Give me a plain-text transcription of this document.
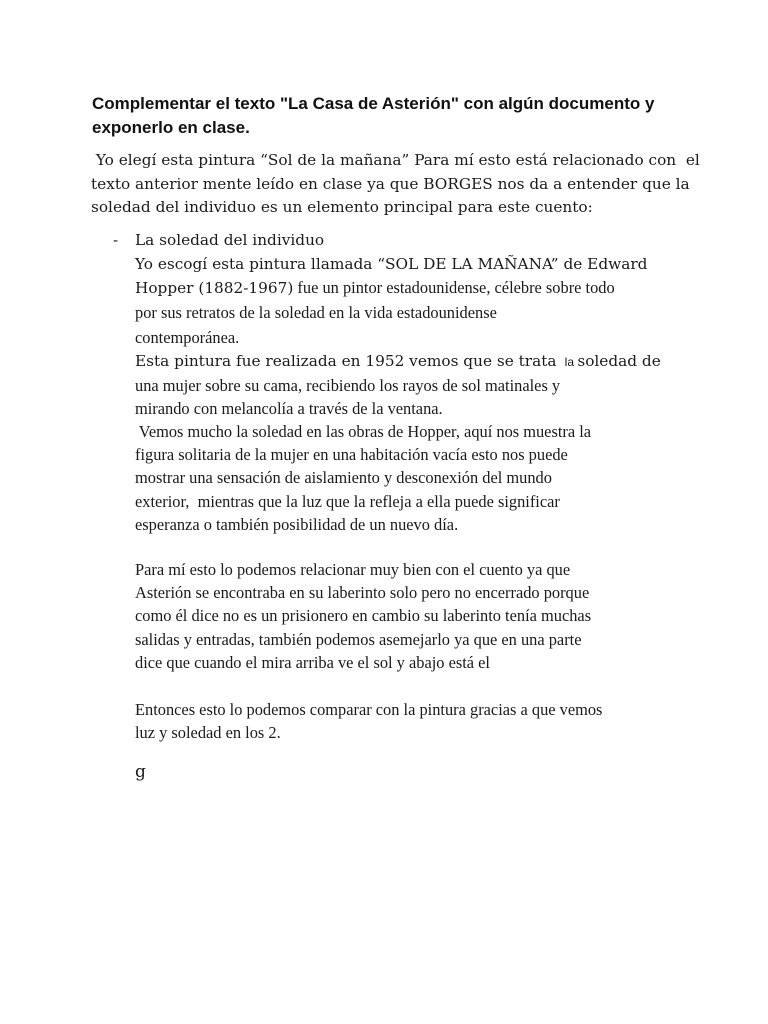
Complementar el texto "La Casa de Asterión" con algún documento y
exponerlo en clase.
Yo elegí esta pintura “Sol de la mañana” Para mí esto está relacionado con  el
texto anterior mente leído en clase ya que BORGES nos da a entender que la
soledad del individuo es un elemento principal para este cuento:
- La soledad del individuo
Yo escogí esta pintura llamada “SOL DE LA MAÑANA” de Edward
Hopper (1882-1967) fue un pintor estadounidense, célebre sobre todo
por sus retratos de la soledad en la vida estadounidense
contemporánea.
Esta pintura fue realizada en 1952 vemos que se trata  la soledad de
una mujer sobre su cama, recibiendo los rayos de sol matinales y
mirando con melancolía a través de la ventana.
Vemos mucho la soledad en las obras de Hopper, aquí nos muestra la
figura solitaria de la mujer en una habitación vacía esto nos puede
mostrar una sensación de aislamiento y desconexión del mundo
exterior,  mientras que la luz que la refleja a ella puede significar
esperanza o también posibilidad de un nuevo día.
Para mí esto lo podemos relacionar muy bien con el cuento ya que
Asterión se encontraba en su laberinto solo pero no encerrado porque
como él dice no es un prisionero en cambio su laberinto tenía muchas
salidas y entradas, también podemos asemejarlo ya que en una parte
dice que cuando el mira arriba ve el sol y abajo está el
Entonces esto lo podemos comparar con la pintura gracias a que vemos
luz y soledad en los 2.
g
